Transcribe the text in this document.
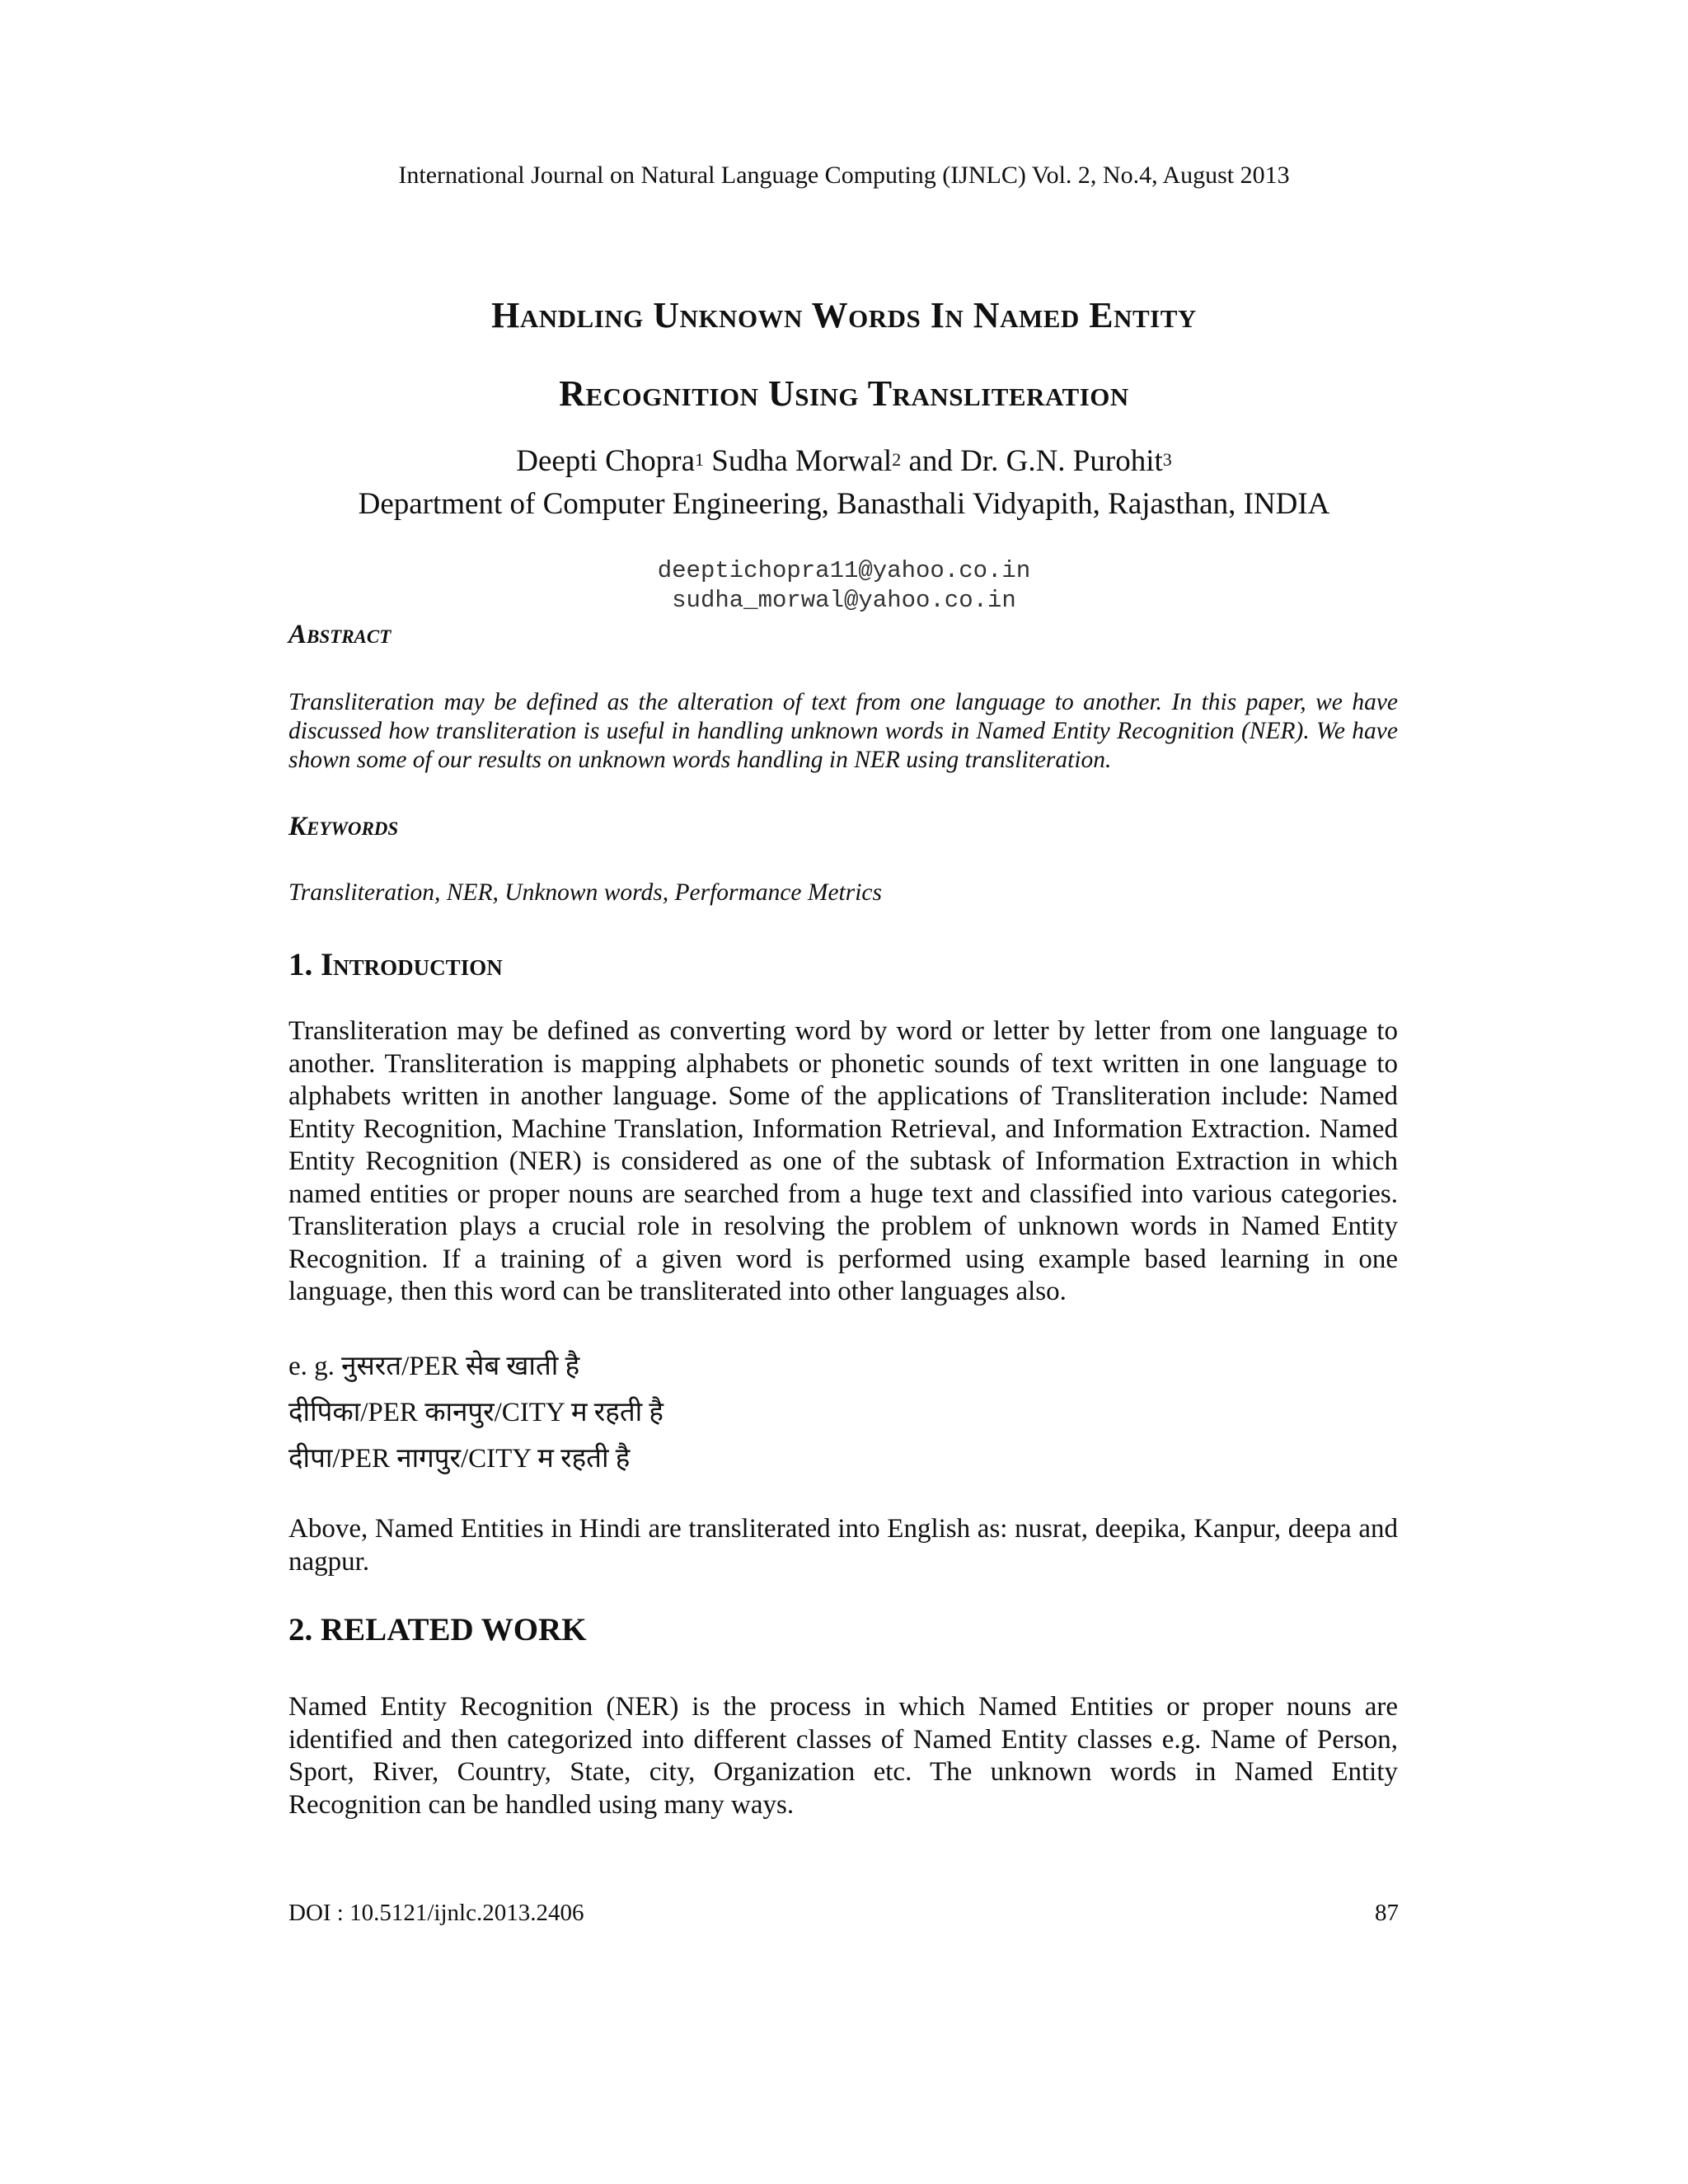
International Journal on Natural Language Computing (IJNLC) Vol. 2, No.4, August 2013
Handling Unknown Words In Named Entity
Recognition Using Transliteration
Deepti Chopra$^1$ Sudha Morwal$^2$ and Dr. G.N. Purohit$^3$
Department of Computer Engineering, Banasthali Vidyapith, Rajasthan, INDIA
deeptichopra11@yahoo.co.in
sudha_morwal@yahoo.co.in
Abstract
Transliteration may be defined as the alteration of text from one language to another. In this paper, we have discussed how transliteration is useful in handling unknown words in Named Entity Recognition (NER). We have shown some of our results on unknown words handling in NER using transliteration.
Keywords
Transliteration, NER, Unknown words, Performance Metrics
1. Introduction
Transliteration may be defined as converting word by word or letter by letter from one language to another. Transliteration is mapping alphabets or phonetic sounds of text written in one language to alphabets written in another language. Some of the applications of Transliteration include: Named Entity Recognition, Machine Translation, Information Retrieval, and Information Extraction. Named Entity Recognition (NER) is considered as one of the subtask of Information Extraction in which named entities or proper nouns are searched from a huge text and classified into various categories. Transliteration plays a crucial role in resolving the problem of unknown words in Named Entity Recognition. If a training of a given word is performed using example based learning in one language, then this word can be transliterated into other languages also.
e. g. नुसरत/PER सेब खाती है
दीपिका/PER कानपुर/CITY म रहती है
दीपा/PER नागपुर/CITY म रहती है
Above, Named Entities in Hindi are transliterated into English as: nusrat, deepika, Kanpur, deepa and nagpur.
2. RELATED WORK
Named Entity Recognition (NER) is the process in which Named Entities or proper nouns are identified and then categorized into different classes of Named Entity classes e.g. Name of Person, Sport, River, Country, State, city, Organization etc. The unknown words in Named Entity Recognition can be handled using many ways.
DOI : 10.5121/ijnlc.2013.2406	87
